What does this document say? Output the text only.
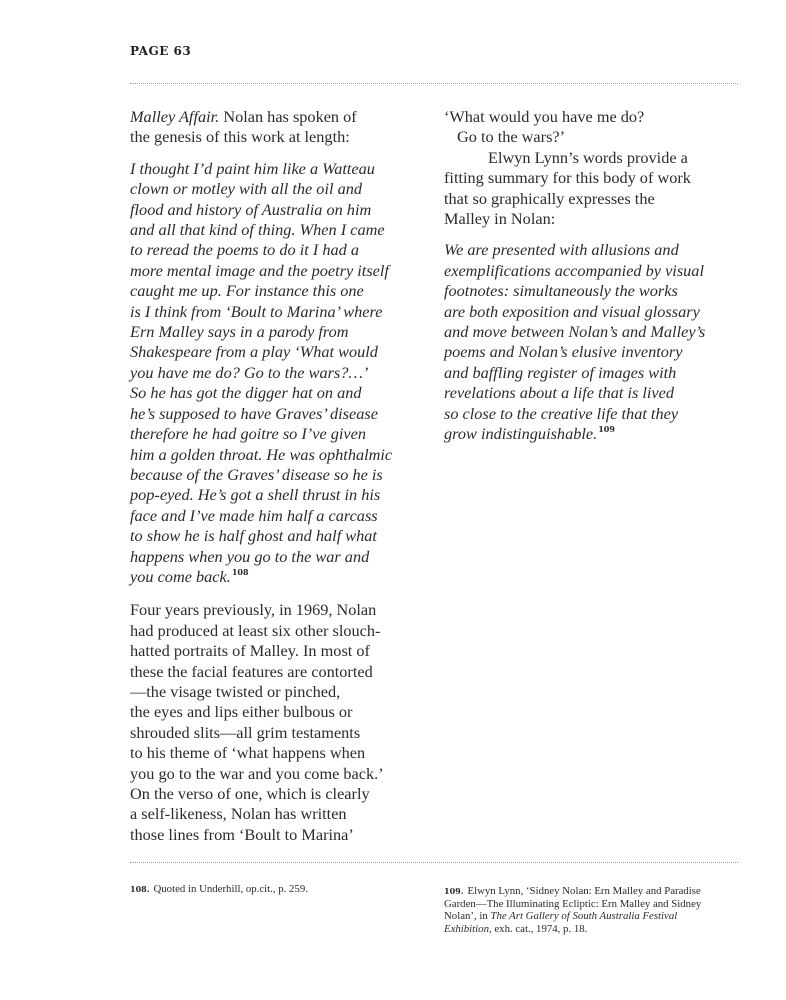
PAGE 63
Malley Affair. Nolan has spoken of
the genesis of this work at length:
I thought I’d paint him like a Watteau
clown or motley with all the oil and
flood and history of Australia on him
and all that kind of thing. When I came
to reread the poems to do it I had a
more mental image and the poetry itself
caught me up. For instance this one
is I think from ‘Boult to Marina’ where
Ern Malley says in a parody from
Shakespeare from a play ‘What would
you have me do? Go to the wars?…’
So he has got the digger hat on and
he’s supposed to have Graves’ disease
therefore he had goitre so I’ve given
him a golden throat. He was ophthalmic
because of the Graves’ disease so he is
pop-eyed. He’s got a shell thrust in his
face and I’ve made him half a carcass
to show he is half ghost and half what
happens when you go to the war and
you come back.$^{108}$
Four years previously, in 1969, Nolan
had produced at least six other slouch-
hatted portraits of Malley. In most of
these the facial features are contorted
—the visage twisted or pinched,
the eyes and lips either bulbous or
shrouded slits—all grim testaments
to his theme of ‘what happens when
you go to the war and you come back.’
On the verso of one, which is clearly
a self-likeness, Nolan has written
those lines from ‘Boult to Marina’
‘What would you have me do?
Go to the wars?’
Elwyn Lynn’s words provide a
fitting summary for this body of work
that so graphically expresses the
Malley in Nolan:
We are presented with allusions and
exemplifications accompanied by visual
footnotes: simultaneously the works
are both exposition and visual glossary
and move between Nolan’s and Malley’s
poems and Nolan’s elusive inventory
and baffling register of images with
revelations about a life that is lived
so close to the creative life that they
grow indistinguishable.$^{109}$
108. Quoted in Underhill, op.cit., p. 259.	109. Elwyn Lynn, ‘Sidney Nolan: Ern Malley and Paradise
Garden—The Illuminating Ecliptic: Ern Malley and Sidney
Nolan’, in The Art Gallery of South Australia Festival
Exhibition, exh. cat., 1974, p. 18.
